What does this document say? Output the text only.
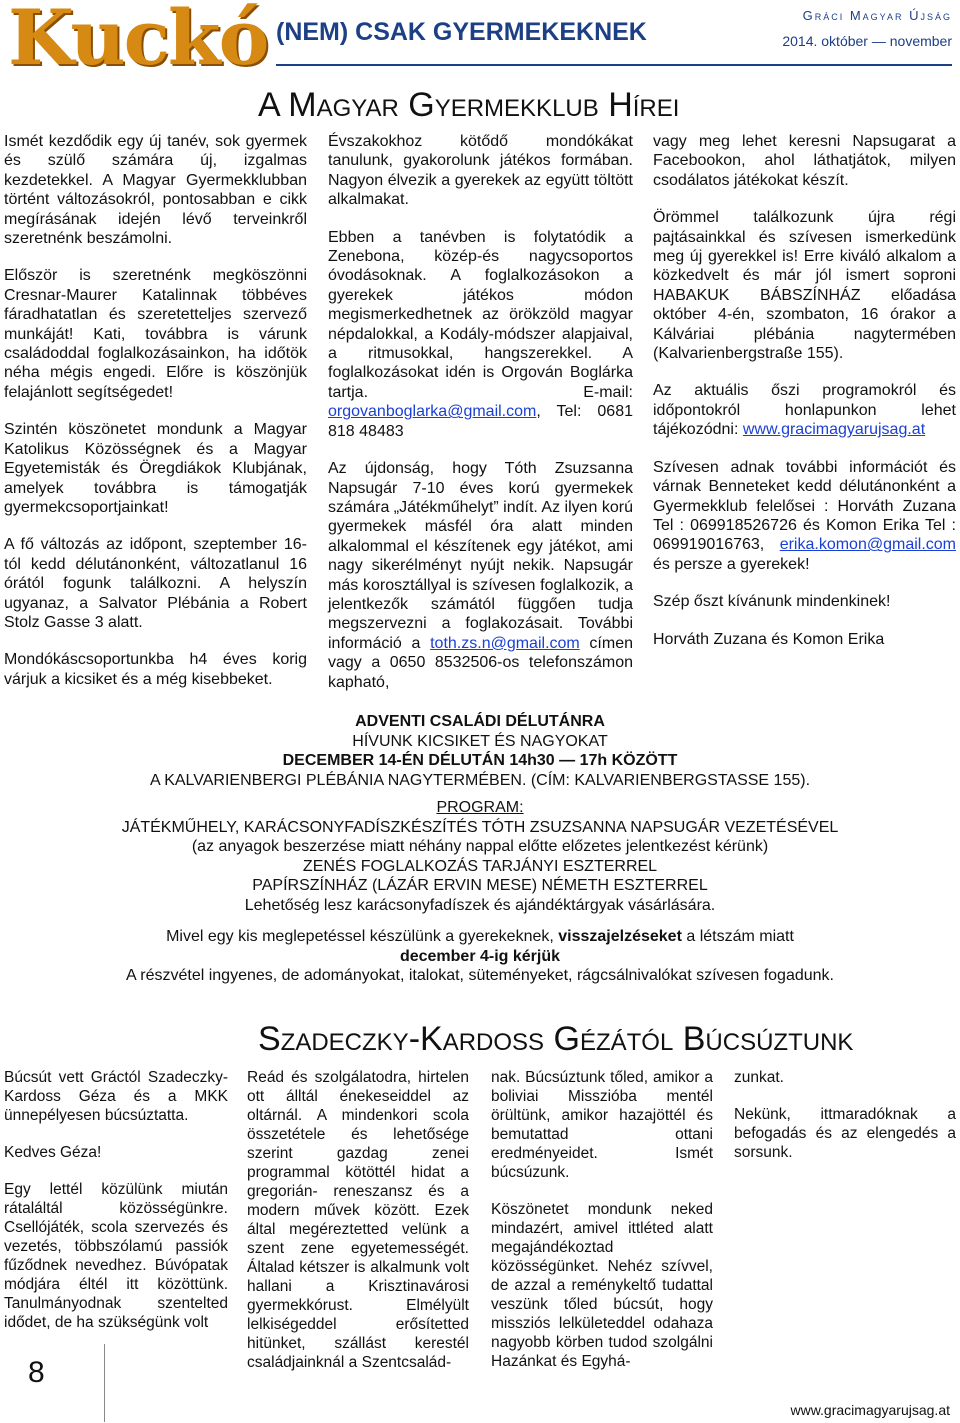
Kuckó (NEM) CSAK GYERMEKEKNEK
Gráci Magyar Újság
2014. október — november
A Magyar Gyermekklub Hírei

Ismét kezdődik egy új tanév, sok gyermek és szülő számára új, izgalmas kezdetekkel. A Magyar Gyermekklubban történt változásokról, pontosabban e cikk megírásának idején lévő terveinkről szeretnénk beszámolni.

Először is szeretnénk megköszönni Cresnar-Maurer Katalinnak többéves fáradhatatlan és szeretetteljes szervező munkáját! Kati, továbbra is várunk családoddal foglalkozásainkon, ha időtök néha mégis engedi. Előre is köszönjük felajánlott segítségedet!

Szintén köszönetet mondunk a Magyar Katolikus Közösségnek és a Magyar Egyetemisták és Öregdiákok Klubjának, amelyek továbbra is támogatják gyermekcsoportjainkat!

A fő változás az időpont, szeptember 16-tól kedd délutánonként, változatlanul 16 órától fogunk találkozni. A helyszín ugyanaz, a Salvator Plébánia a Robert Stolz Gasse 3 alatt.

Mondókáscsoportunkba h4 éves korig várjuk a kicsiket és a még kisebbeket.

Évszakokhoz kötődő mondókákat tanulunk, gyakorolunk játékos formában. Nagyon élvezik a gyerekek az együtt töltött alkalmakat.

Ebben a tanévben is folytatódik a Zenebona, közép-és nagycsoportos óvodásoknak. A foglalkozásokon a gyerekek játékos módon megismerkedhetnek az örökzöld magyar népdalokkal, a Kodály-módszer alapjaival, a ritmusokkal, hangszerekkel. A foglalkozásokat idén is Orgován Boglárka tartja. E-mail: orgovanboglarka@gmail.com, Tel: 0681 818 48483

Az újdonság, hogy Tóth Zsuzsanna Napsugár 7-10 éves korú gyermekek számára „Játékműhelyt” indít. Az ilyen korú gyermekek másfél óra alatt minden alkalommal el készítenek egy játékot, ami nagy sikerélményt nyújt nekik. Napsugár más korosztállyal is szívesen foglalkozik, a jelentkezők számától függően tudja megszervezni a foglakozásait. További információ a toth.zs.n@gmail.com címen vagy a 0650 8532506-os telefonszámon kapható,

vagy meg lehet keresni Napsugarat a Facebookon, ahol láthatjátok, milyen csodálatos játékokat készít.

Örömmel találkozunk újra régi pajtásainkkal és szívesen ismerkedünk meg új gyerekkel is! Erre kiváló alkalom a közkedvelt és már jól ismert soproni HABAKUK BÁBSZÍNHÁZ előadása október 4-én, szombaton, 16 órakor a Kálváriai plébánia nagytermében (Kalvarienbergstraße 155).

Az aktuális őszi programokról és időpontokról honlapunkon lehet tájékozódni: www.gracimagyarujsag.at

Szívesen adnak további információt és várnak Benneteket kedd délutánonként a Gyermekklub felelősei : Horváth Zuzana Tel : 069918526726 és Komon Erika Tel : 069919016763, erika.komon@gmail.com és persze a gyerekek!

Szép őszt kívánunk mindenkinek!

Horváth Zuzana és Komon Erika

ADVENTI CSALÁDI DÉLUTÁNRA
HÍVUNK KICSIKET ÉS NAGYOKAT
DECEMBER 14-ÉN DÉLUTÁN 14h30 — 17h KÖZÖTT
A KALVARIENBERGI PLÉBÁNIA NAGYTERMÉBEN. (CÍM: KALVARIENBERGSTASSE 155).
PROGRAM:
JÁTÉKMŰHELY, KARÁCSONYFADÍSZKÉSZÍTÉS TÓTH ZSUZSANNA NAPSUGÁR VEZETÉSÉVEL
(az anyagok beszerzése miatt néhány nappal előtte előzetes jelentkezést kérünk)
ZENÉS FOGLALKOZÁS TARJÁNYI ESZTERREL
PAPÍRSZÍNHÁZ (LÁZÁR ERVIN MESE) NÉMETH ESZTERREL
Lehetőség lesz karácsonyfadíszek és ajándéktárgyak vásárlására.
Mivel egy kis meglepetéssel készülünk a gyerekeknek, visszajelzéseket a létszám miatt
december 4-ig kérjük
A részvétel ingyenes, de adományokat, italokat, süteményeket, rágcsálnivalókat szívesen fogadunk.
Szadeczky-Kardoss Gézától Búcsúztunk

Búcsút vett Gráctól Szadeczky-Kardoss Géza és a MKK ünnepélyesen búcsúztatta.

Kedves Géza!

Egy lettél közülünk miután rátaláltál közösségünkre. Csellójáték, scola szervezés és vezetés, többszólamú passiók fűződnek nevedhez. Búvópatak módjára éltél itt közöttünk. Tanulmányodnak szentelted idődet, de ha szükségünk volt

Reád és szolgálatodra, hirtelen ott álltál énekeseiddel az oltárnál. A mindenkori scola összetétele és lehetősége szerint gazdag zenei programmal kötöttél hidat a gregorián- reneszansz és a modern művek között. Ezek által megéreztetted velünk a szent zene egyetemességét. Általad kétszer is alkalmunk volt hallani a Krisztinavárosi gyermekkórust. Elmélyült lelkiségeddel erősítetted hitünket, szállást kerestél családjainknál a Szentcsalád-

nak. Búcsúztunk tőled, amikor a boliviai Misszióba mentél örültünk, amikor hazajöttél és bemutattad ottani eredményeidet. Ismét búcsúzunk.

Köszönetet mondunk neked mindazért, amivel ittléted alatt megajándékoztad közösségünket. Nehéz szívvel, de azzal a reménykeltő tudattal veszünk tőled búcsút, hogy missziós lelkületeddel odahaza nagyobb körben tudod szolgálni Hazánkat és Egyhá-

zunkat.

Nekünk, ittmaradóknak a befogadás és az elengedés a sorsunk.

8
www.gracimagyarujsag.at
